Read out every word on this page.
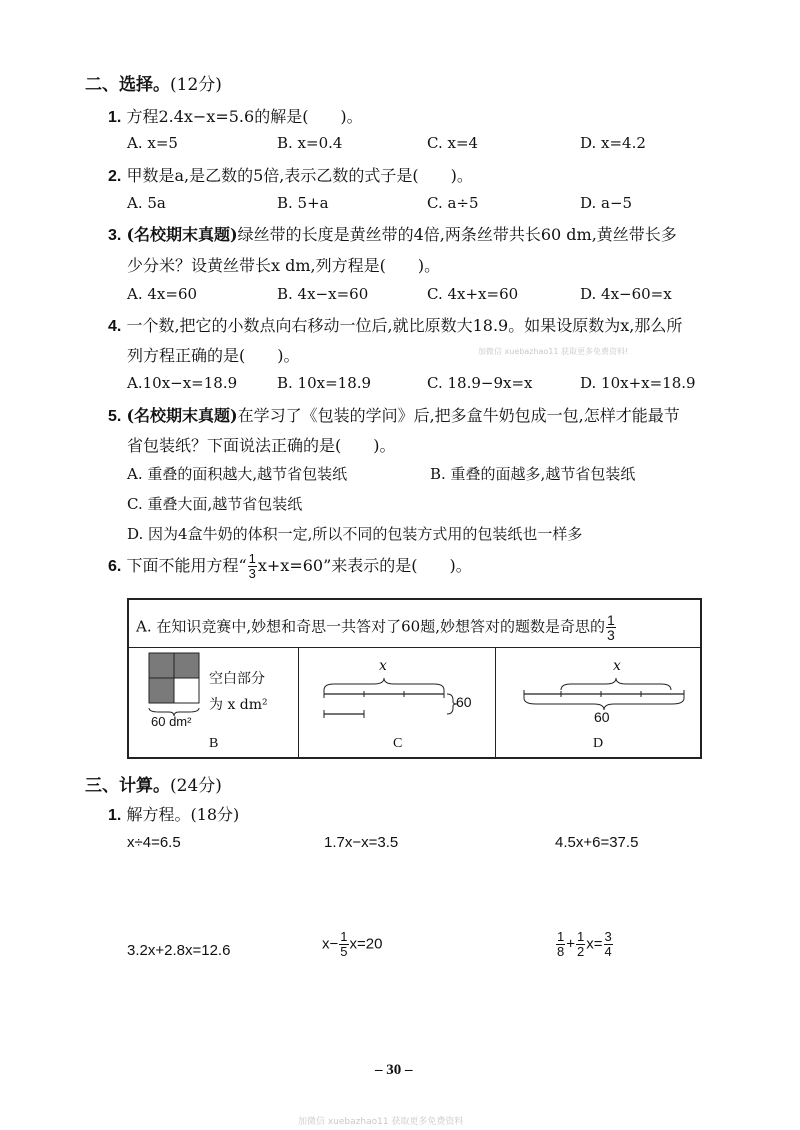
二、选择。(12分)
1. 方程2.4x−x=5.6的解是(　　)。
A. x=5	B. x=0.4	C. x=4	D. x=4.2
2. 甲数是a,是乙数的5倍,表示乙数的式子是(　　)。
A. 5a	B. 5+a	C. a÷5	D. a−5
3. (名校期末真题)绿丝带的长度是黄丝带的4倍,两条丝带共长60 dm,黄丝带长多
少分米？设黄丝带长x dm,列方程是(　　)。
A. 4x=60	B. 4x−x=60	C. 4x+x=60	D. 4x−60=x
4. 一个数,把它的小数点向右移动一位后,就比原数大18.9。如果设原数为x,那么所
列方程正确的是(　　)。	加微信 xuebazhao11 获取更多免费资料!
A.10x−x=18.9	B. 10x=18.9	C. 18.9−9x=x	D. 10x+x=18.9
5. (名校期末真题)在学习了《包装的学问》后,把多盒牛奶包成一包,怎样才能最节
省包装纸？下面说法正确的是(　　)。
A. 重叠的面积越大,越节省包装纸	B. 重叠的面越多,越节省包装纸
C. 重叠大面,越节省包装纸
D. 因为4盒牛奶的体积一定,所以不同的包装方式用的包装纸也一样多
6. 下面不能用方程“ $\frac{1}{3} x+x=60$”来表示的是(　　)。
A. 在知识竞赛中,妙想和奇思一共答对了60题,妙想答对的题数是奇思的 $\frac{1}{3}$
空白部分
为 x dm²
60 dm²
B
x
60
C
x
60
D
三、计算。(24分)
1. 解方程。(18分)
x÷4=6.5	1.7x−x=3.5	4.5x+6=37.5
3.2x+2.8x=12.6	$x- \frac{1}{5} x=20$	$\frac{1}{8} + \frac{1}{2} x= \frac{3}{4}$
– 30 –
加微信 xuebazhao11 获取更多免费资料
